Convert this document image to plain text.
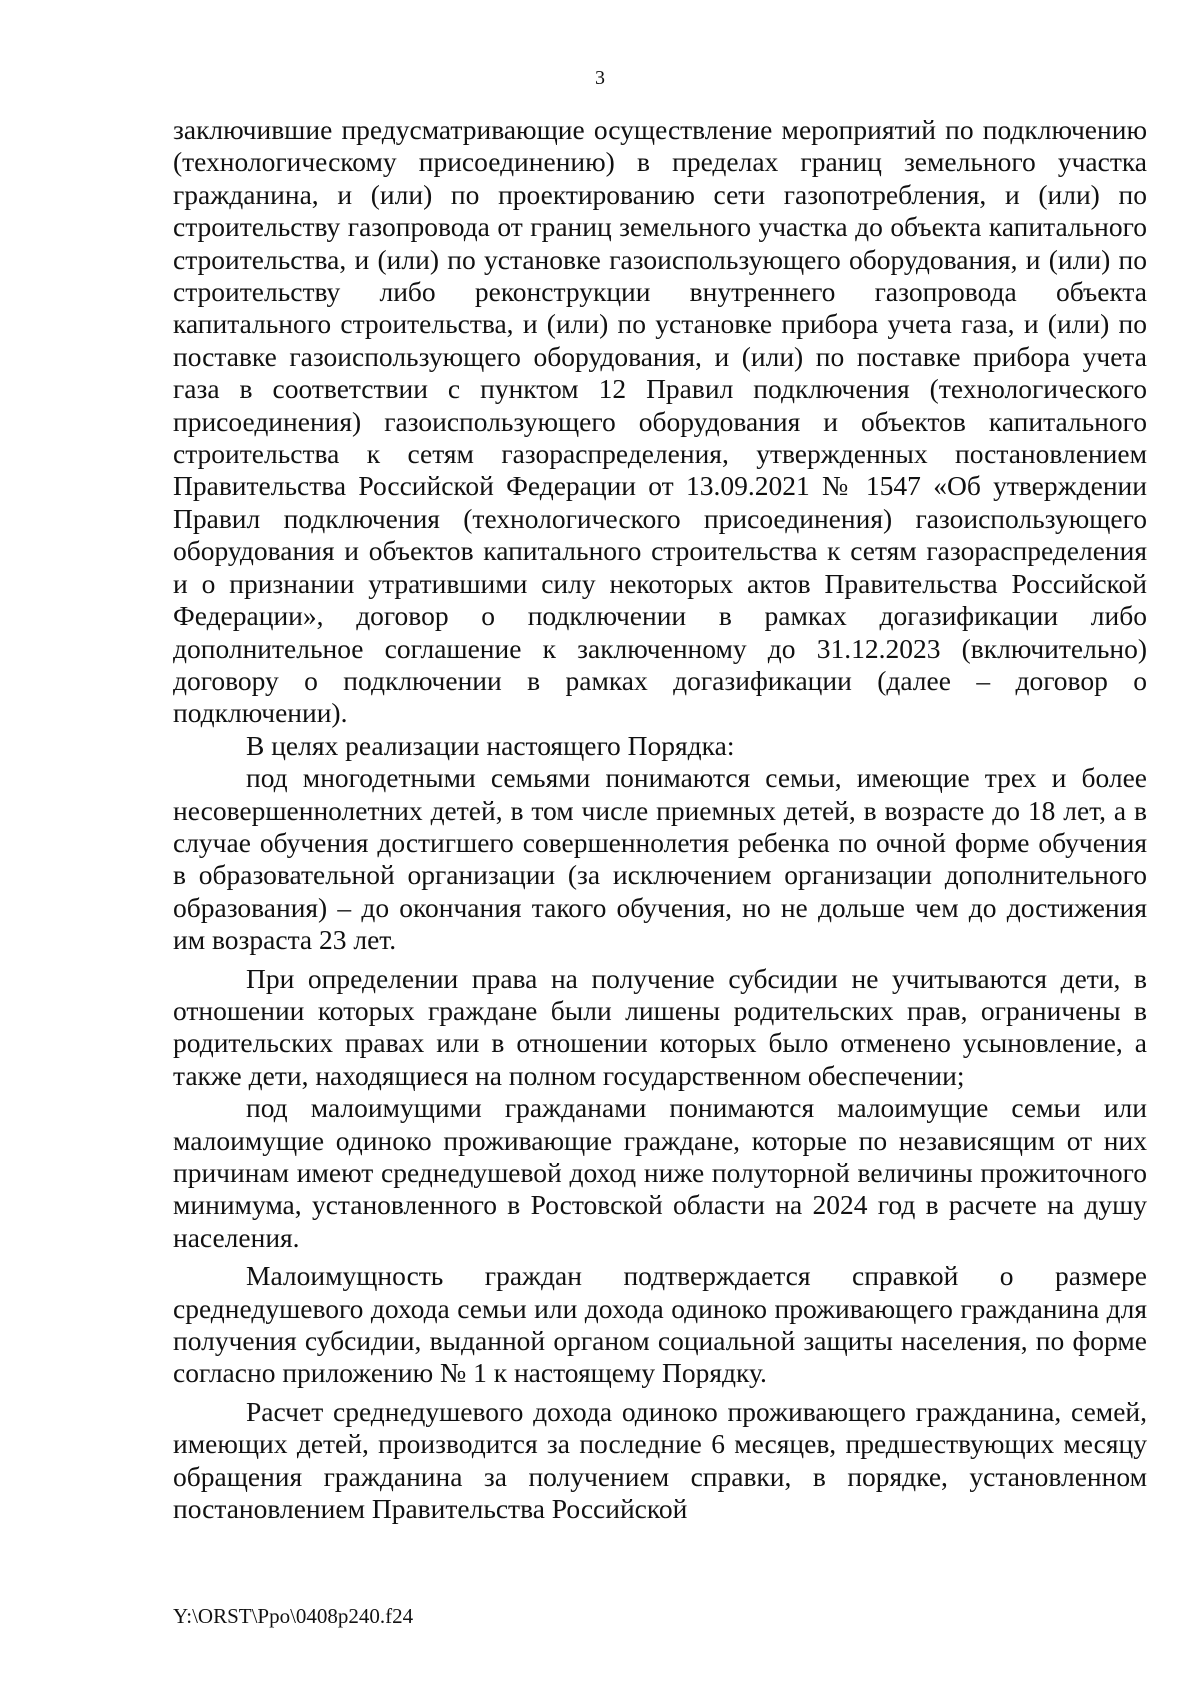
3

заключившие предусматривающие осуществление мероприятий по подключению (технологическому присоединению) в пределах границ земельного участка гражданина, и (или) по проектированию сети газопотребления, и (или) по строительству газопровода от границ земельного участка до объекта капитального строительства, и (или) по установке газоиспользующего оборудования, и (или) по строительству либо реконструкции внутреннего газопровода объекта капитального строительства, и (или) по установке прибора учета газа, и (или) по поставке газоиспользующего оборудования, и (или) по поставке прибора учета газа в соответствии с пунктом 12 Правил подключения (технологического присоединения) газоиспользующего оборудования и объектов капитального строительства к сетям газораспределения, утвержденных постановлением Правительства Российской Федерации от 13.09.2021 № 1547 «Об утверждении Правил подключения (технологического присоединения) газоиспользующего оборудования и объектов капитального строительства к сетям газораспределения и о признании утратившими силу некоторых актов Правительства Российской Федерации», договор о подключении в рамках догазификации либо дополнительное соглашение к заключенному до 31.12.2023 (включительно) договору о подключении в рамках догазификации (далее – договор о подключении).

В целях реализации настоящего Порядка:

под многодетными семьями понимаются семьи, имеющие трех и более несовершеннолетних детей, в том числе приемных детей, в возрасте до 18 лет, а в случае обучения достигшего совершеннолетия ребенка по очной форме обучения в образовательной организации (за исключением организации дополнительного образования) – до окончания такого обучения, но не дольше чем до достижения им возраста 23 лет.

При определении права на получение субсидии не учитываются дети, в отношении которых граждане были лишены родительских прав, ограничены в родительских правах или в отношении которых было отменено усыновление, а также дети, находящиеся на полном государственном обеспечении;

под малоимущими гражданами понимаются малоимущие семьи или малоимущие одиноко проживающие граждане, которые по независящим от них причинам имеют среднедушевой доход ниже полуторной величины прожиточного минимума, установленного в Ростовской области на 2024 год в расчете на душу населения.

Малоимущность граждан подтверждается справкой о размере среднедушевого дохода семьи или дохода одиноко проживающего гражданина для получения субсидии, выданной органом социальной защиты населения, по форме согласно приложению № 1 к настоящему Порядку.

Расчет среднедушевого дохода одиноко проживающего гражданина, семей, имеющих детей, производится за последние 6 месяцев, предшествующих месяцу обращения гражданина за получением справки, в порядке, установленном постановлением Правительства Российской

Y:\ORST\Ppo\0408p240.f24
